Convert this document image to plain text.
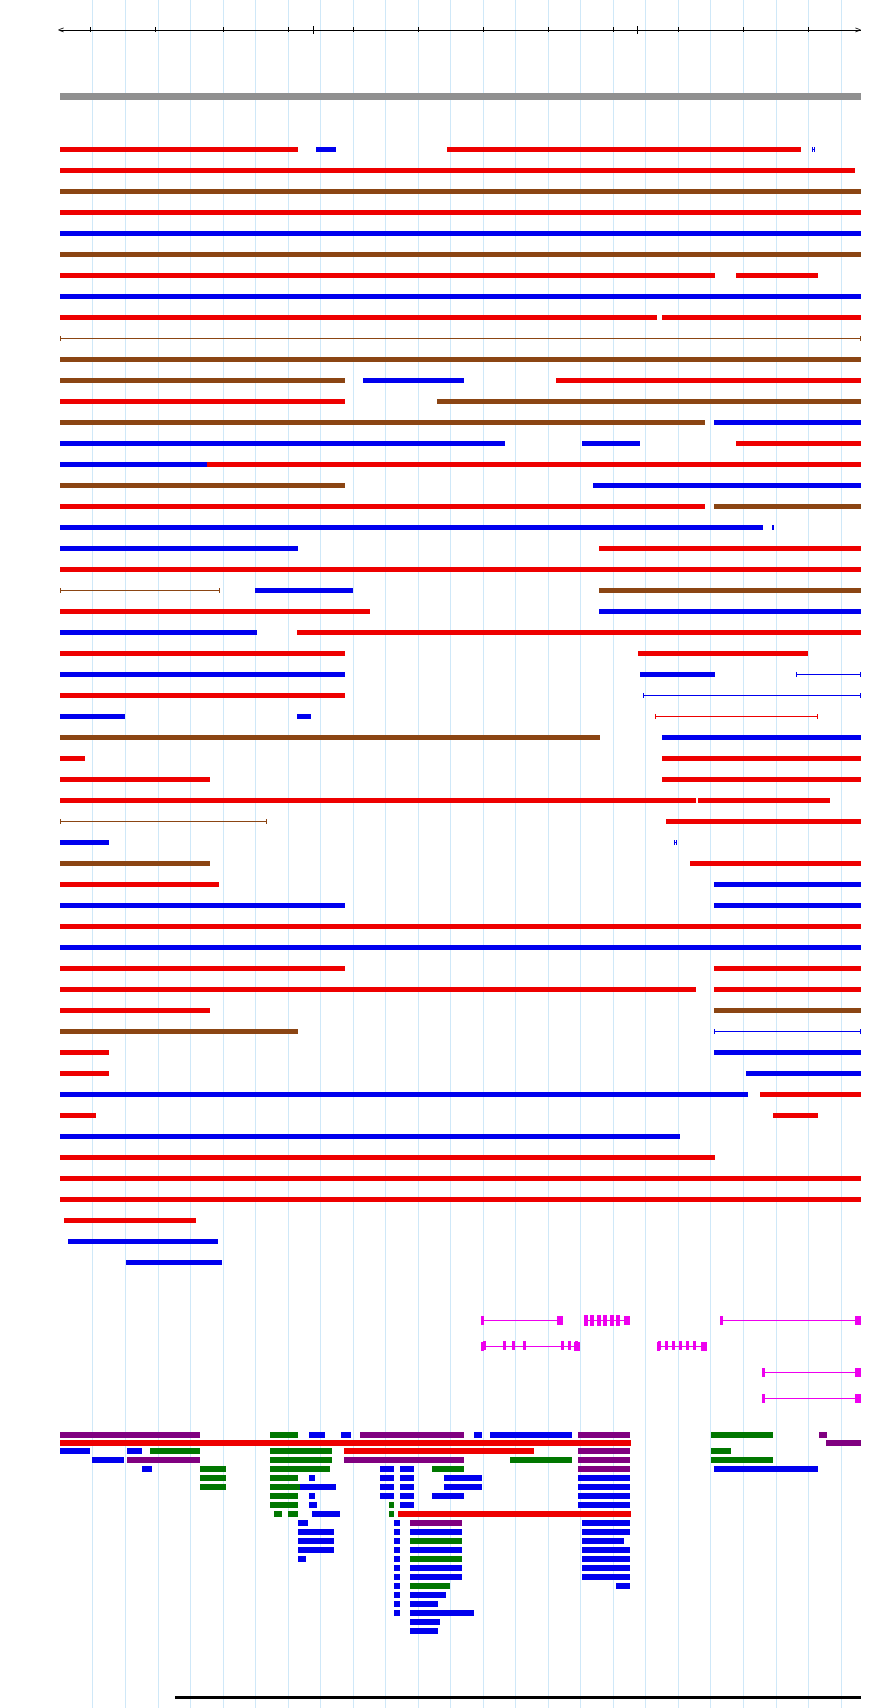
<	>
